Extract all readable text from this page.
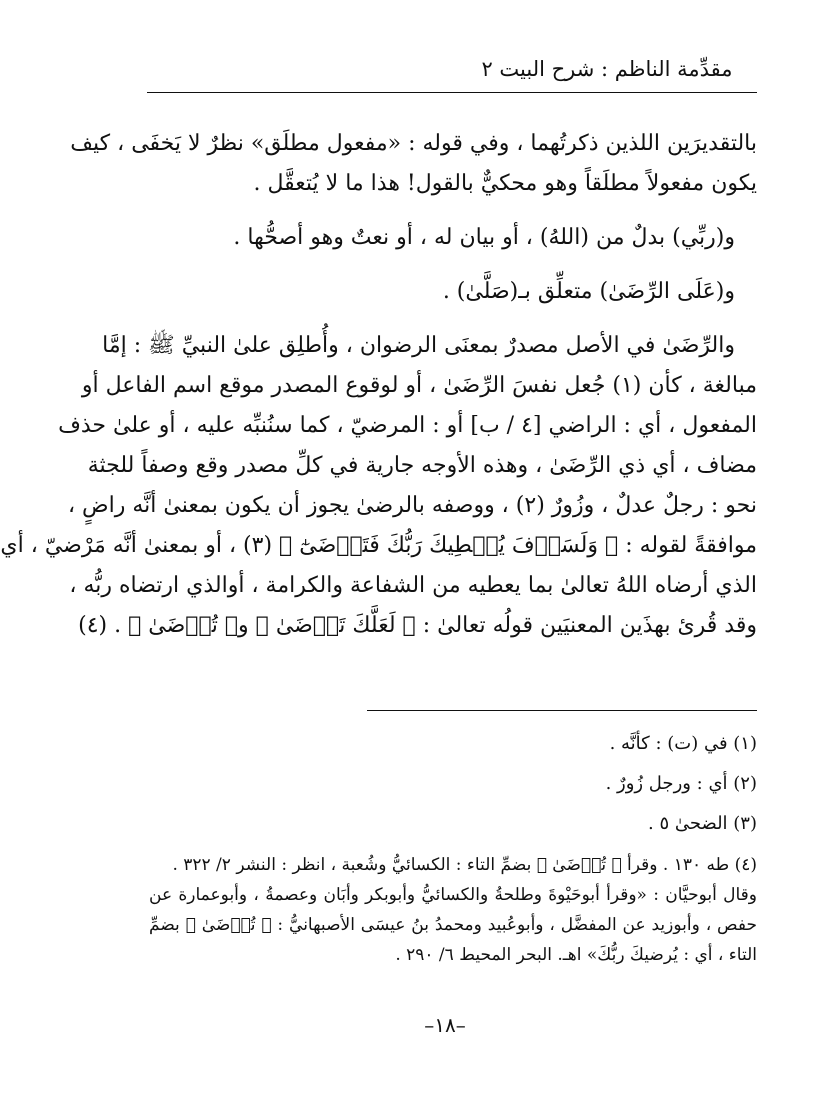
مقدِّمة الناظم : شرح البيت ٢
بالتقديرَين اللذين ذكرتُهما ، وفي قوله : «مفعول مطلَق» نظرٌ لا يَخفَى ، كيف
يكون مفعولاً مطلَقاً وهو محكيٌّ بالقول! هذا ما لا يُتعقَّل .
و(ربِّي) بدلٌ من (اللهُ) ، أو بيان له ، أو نعتٌ وهو أصحُّها .
و(عَلَى الرِّضَىٰ) متعلِّق بـ(صَلَّىٰ) .
والرِّضَىٰ في الأصل مصدرٌ بمعنَى الرضوان ، وأُطلِق علىٰ النبيِّ ﷺ : إمَّا
مبالغة ، كأن (١) جُعل نفسَ الرِّضَىٰ ، أو لوقوع المصدر موقع اسم الفاعل أو
المفعول ، أي : الراضي [٤ / ب] أو : المرضيّ ، كما سنُنبِّه عليه ، أو علىٰ حذف
مضاف ، أي ذي الرِّضَىٰ ، وهذه الأوجه جارية في كلِّ مصدر وقع وصفاً للجثة
نحو : رجلٌ عدلٌ ، وزُورٌ (٢) ، ووصفه بالرضىٰ يجوز أن يكون بمعنىٰ أنَّه راضٍ ،
موافقةً لقوله : ﴿ وَلَسَوۡفَ يُعۡطِيكَ رَبُّكَ فَتَرۡضَىٰٓ ﴾ (٣) ، أو بمعنىٰ أنَّه مَرْضيّ ، أي
الذي أرضاه اللهُ تعالىٰ بما يعطيه من الشفاعة والكرامة ، أوالذي ارتضاه ربُّه ،
وقد قُرئ بهذَين المعنيَين قولُه تعالىٰ : ﴿ لَعَلَّكَ تَرۡضَىٰ ﴾ و﴿ تُرۡضَىٰ ﴾ . (٤)
(١) في (ت) : كأنَّه .
(٢) أي : ورجل زُورٌ .
(٣) الضحىٰ ٥ .
(٤) طه ١٣٠ . وقرأ ﴿ تُرۡضَىٰ ﴾ بضمِّ التاء : الكسائيُّ وشُعبة ، انظر : النشر ٢/ ٣٢٢ .
وقال أبوحيَّان : «وقرأ أبوحَيْوةَ وطلحةُ والكسائيُّ وأبوبكر وأبَان وعصمةُ ، وأبوعمارة عن
حفص ، وأبوزيد عن المفضَّل ، وأبوعُبيد ومحمدُ بنُ عيسَى الأصبهانيُّ : ﴿ تُرۡضَىٰ ﴾ بضمِّ
التاء ، أي : يُرضيكَ ربُّكَ» اهـ. البحر المحيط ٦/ ٢٩٠ .
–١٨–
